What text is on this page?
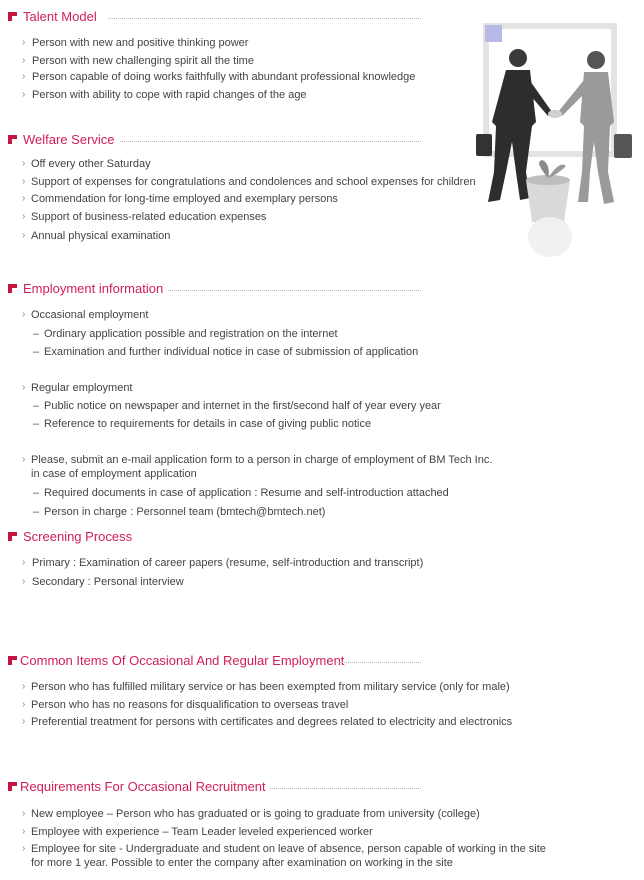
Talent Model
› Person with new and positive thinking power
› Person with new challenging spirit all the time
› Person capable of doing works faithfully with abundant professional knowledge
› Person with ability to cope with rapid changes of the age
Welfare Service
› Off every other Saturday
› Support of expenses for congratulations and condolences and school expenses for children
› Commendation for long-time employed and exemplary persons
› Support of business-related education expenses
› Annual physical examination
Employment information
› Occasional employment
– Ordinary application possible and registration on the internet
– Examination and further individual notice in case of submission of application
› Regular employment
– Public notice on newspaper and internet in the first/second half of year every year
– Reference to requirements for details in case of giving public notice
› Please, submit an e-mail application form to a person in charge of employment of BM Tech Inc.
in case of employment application
– Required documents in case of application : Resume and self-introduction attached
– Person in charge : Personnel team (bmtech@bmtech.net)
Screening Process
› Primary : Examination of career papers (resume, self-introduction and transcript)
› Secondary : Personal interview
Common Items Of Occasional And Regular Employment
› Person who has fulfilled military service or has been exempted from military service (only for male)
› Person who has no reasons for disqualification to overseas travel
› Preferential treatment for persons with certificates and degrees related to electricity and electronics
Requirements For Occasional Recruitment
› New employee – Person who has graduated or is going to graduate from university (college)
› Employee with experience – Team Leader leveled experienced worker
› Employee for site - Undergraduate and student on leave of absence, person capable of working in the site
for more 1 year. Possible to enter the company after examination on working in the site
